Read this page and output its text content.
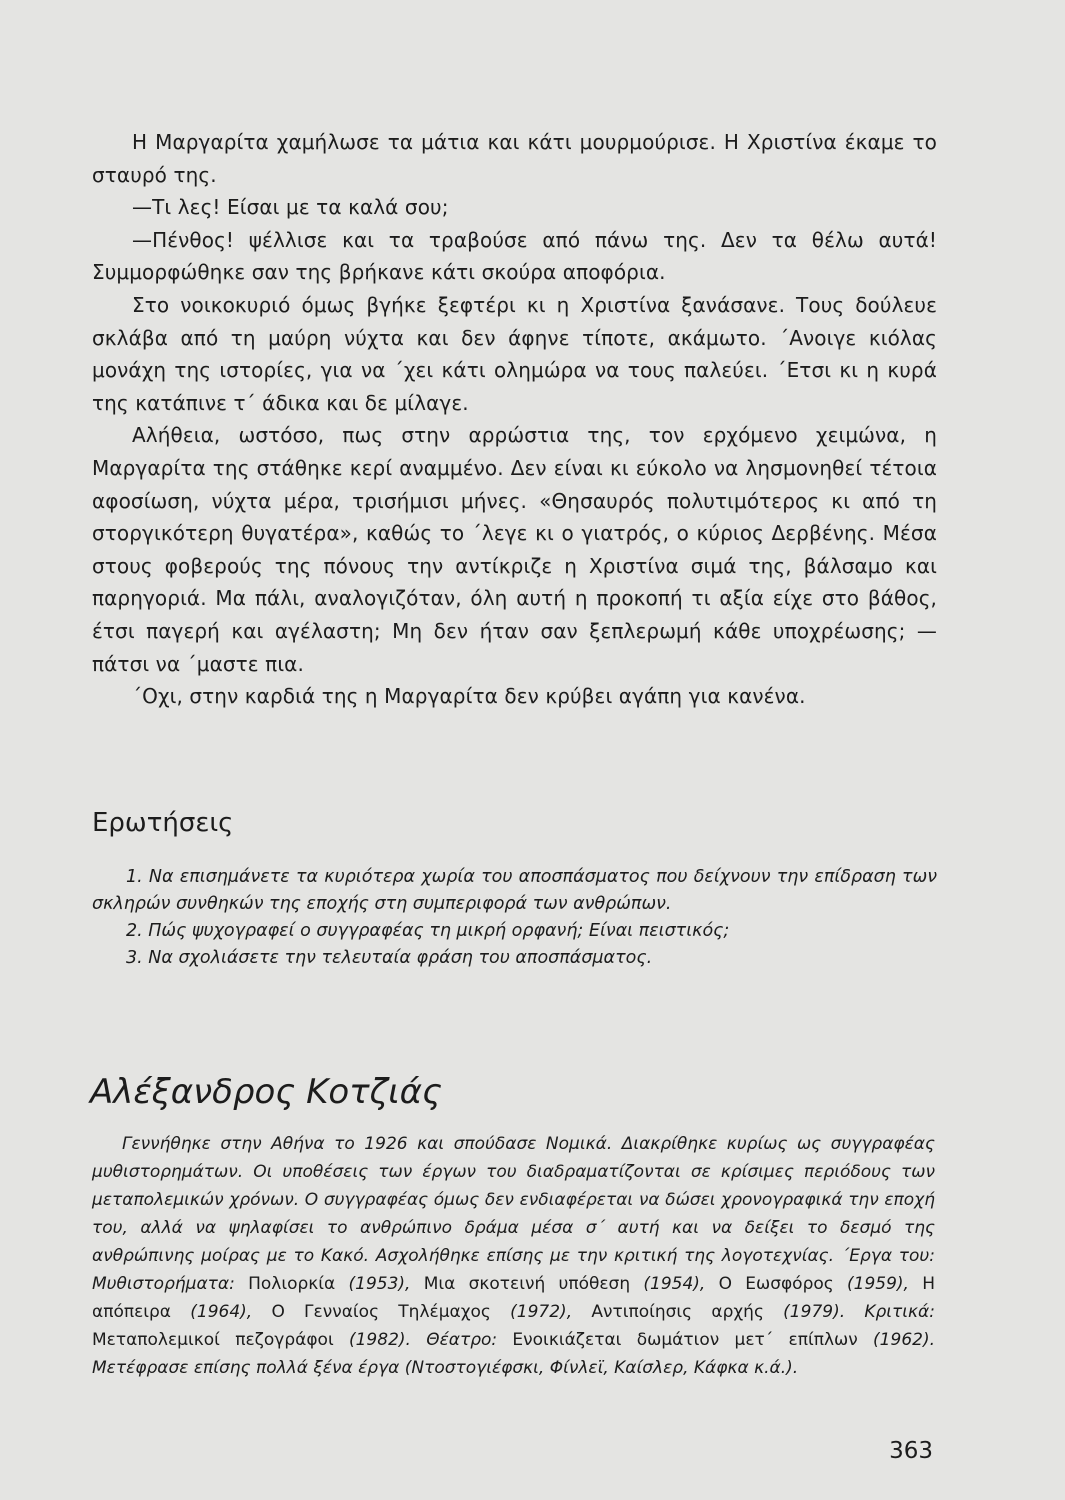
Η Μαργαρίτα χαμήλωσε τα μάτια και κάτι μουρμούρισε. Η Χριστίνα έκαμε το σταυρό της.

—Τι λες! Είσαι με τα καλά σου;

—Πένθος! ψέλλισε και τα τραβούσε από πάνω της. Δεν τα θέλω αυτά! Συμμορφώθηκε σαν της βρήκανε κάτι σκούρα αποφόρια.

Στο νοικοκυριό όμως βγήκε ξεφτέρι κι η Χριστίνα ξανάσανε. Τους δούλευε σκλάβα από τη μαύρη νύχτα και δεν άφηνε τίποτε, ακάμωτο. ΄Ανοιγε κιόλας μονάχη της ιστορίες, για να ΄χει κάτι ολημώρα να τους παλεύει. ΄Ετσι κι η κυρά της κατάπινε τ΄ άδικα και δε μίλαγε.

Αλήθεια, ωστόσο, πως στην αρρώστια της, τον ερχόμενο χειμώνα, η Μαργαρίτα της στάθηκε κερί αναμμένο. Δεν είναι κι εύκολο να λησμονηθεί τέτοια αφοσίωση, νύχτα μέρα, τρισήμισι μήνες. «Θησαυρός πολυτιμότερος κι από τη στοργικότερη θυγατέρα», καθώς το ΄λεγε κι ο γιατρός, ο κύριος Δερβένης. Μέσα στους φοβερούς της πόνους την αντίκριζε η Χριστίνα σιμά της, βάλσαμο και παρηγοριά. Μα πάλι, αναλογιζόταν, όλη αυτή η προκοπή τι αξία είχε στο βάθος, έτσι παγερή και αγέλαστη; Μη δεν ήταν σαν ξεπλερωμή κάθε υποχρέωσης; — πάτσι να ΄μαστε πια.

΄Οχι, στην καρδιά της η Μαργαρίτα δεν κρύβει αγάπη για κανένα.

Ερωτήσεις
1. Να επισημάνετε τα κυριότερα χωρία του αποσπάσματος που δείχνουν την επίδραση των σκληρών συνθηκών της εποχής στη συμπεριφορά των ανθρώπων.
2. Πώς ψυχογραφεί ο συγγραφέας τη μικρή ορφανή; Είναι πειστικός;
3. Να σχολιάσετε την τελευταία φράση του αποσπάσματος.
Αλέξανδρος Κοτζιάς

Γεννήθηκε στην Αθήνα το 1926 και σπούδασε Νομικά. Διακρίθηκε κυρίως ως συγγραφέας μυθιστορημάτων. Οι υποθέσεις των έργων του διαδραματίζονται σε κρίσιμες περιόδους των μεταπολεμικών χρόνων. Ο συγγραφέας όμως δεν ενδιαφέρεται να δώσει χρονογραφικά την εποχή του, αλλά να ψηλαφίσει το ανθρώπινο δράμα μέσα σ΄ αυτή και να δείξει το δεσμό της ανθρώπινης μοίρας με το Κακό. Ασχολήθηκε επίσης με την κριτική της λογοτεχνίας. ΄Εργα του: Μυθιστορήματα: Πολιορκία (1953), Μια σκοτεινή υπόθεση (1954), Ο Εωσφόρος (1959), Η απόπειρα (1964), Ο Γενναίος Τηλέμαχος (1972), Αντιποίησις αρχής (1979). Κριτικά: Μεταπολεμικοί πεζογράφοι (1982). Θέατρο: Ενοικιάζεται δωμάτιον μετ΄ επίπλων (1962). Μετέφρασε επίσης πολλά ξένα έργα (Ντοστογιέφσκι, Φίνλεϊ, Καίσλερ, Κάφκα κ.ά.).

363
